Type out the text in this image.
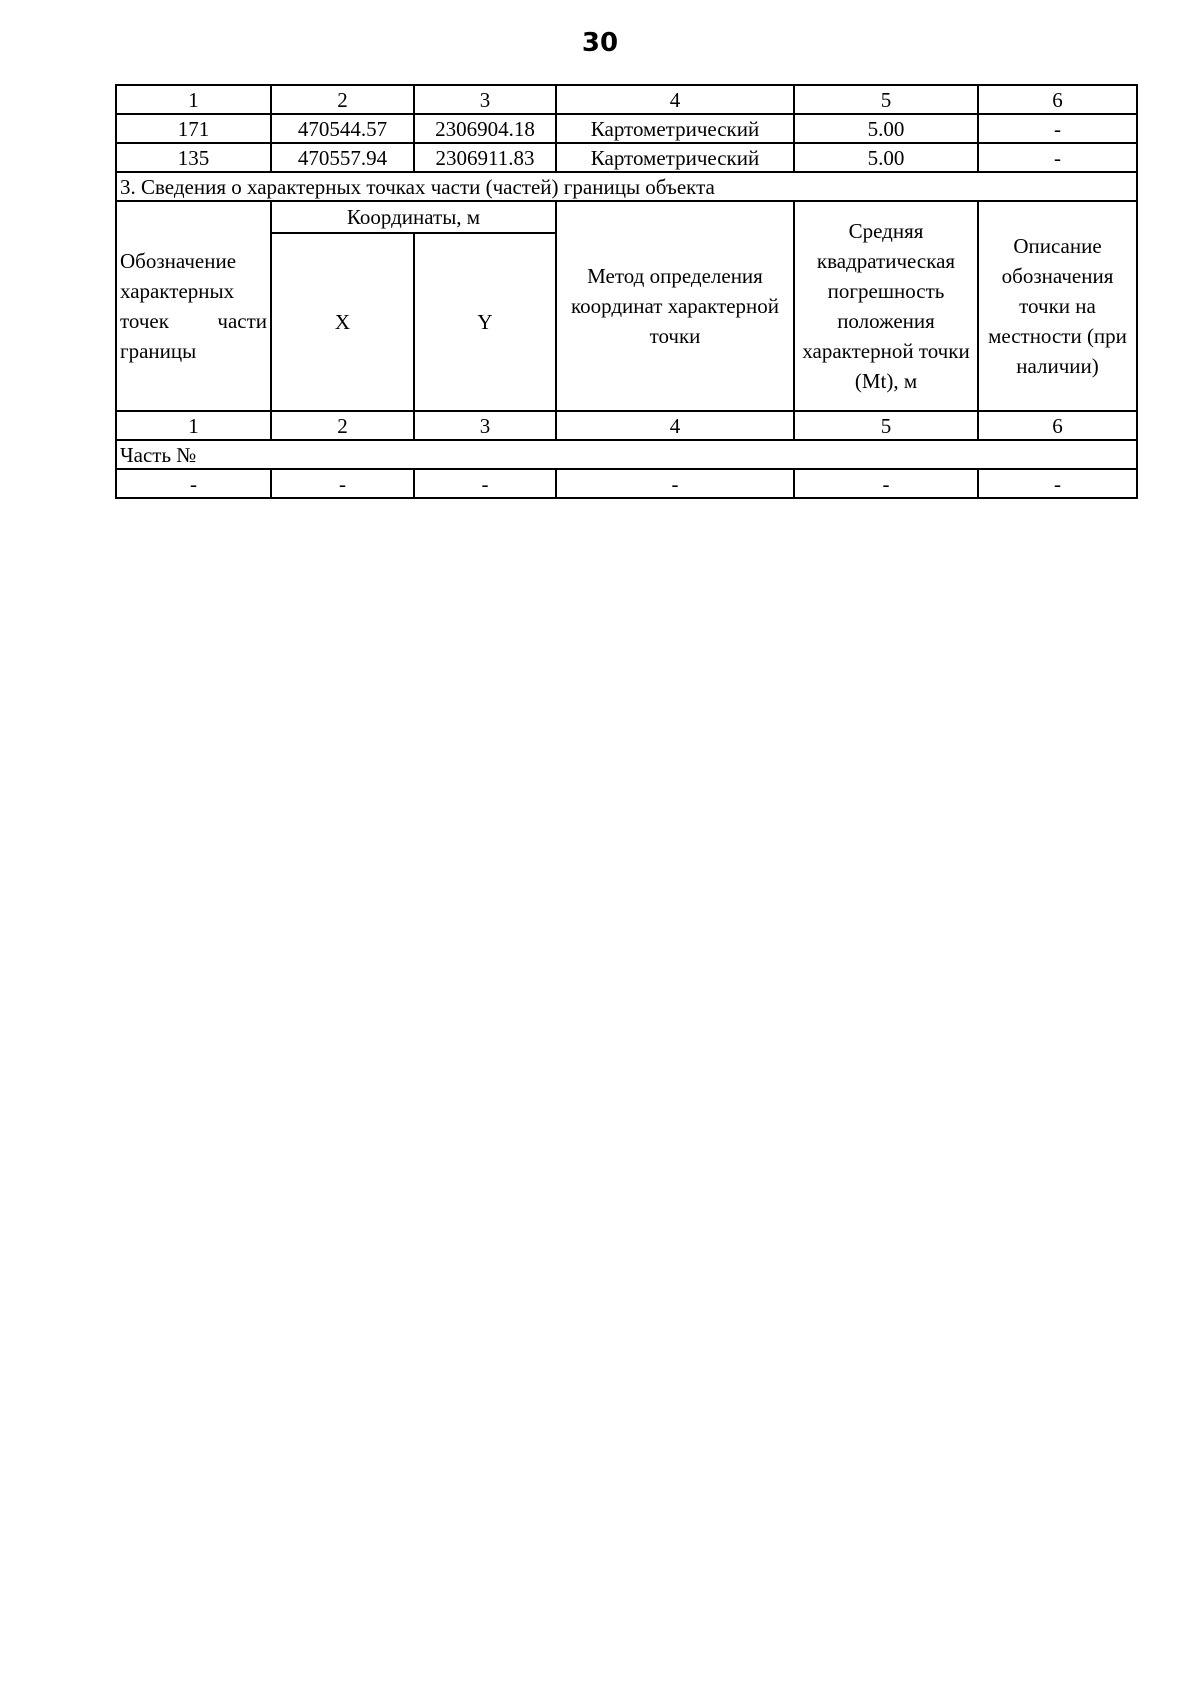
30
1	2	3	4	5	6
171	470544.57	2306904.18	Картометрический	5.00	-
135	470557.94	2306911.83	Картометрический	5.00	-
3. Сведения о характерных точках части (частей) границы объекта					
Обозначение характерных точек части границы	Координаты, м		Метод определения координат характерной точки	Средняя квадратическая погрешность положения характерной точки (Mt), м	Описание обозначения точки на местности (при наличии)
	X	Y			
1	2	3	4	5	6
Часть №					
-	-	-	-	-	-
